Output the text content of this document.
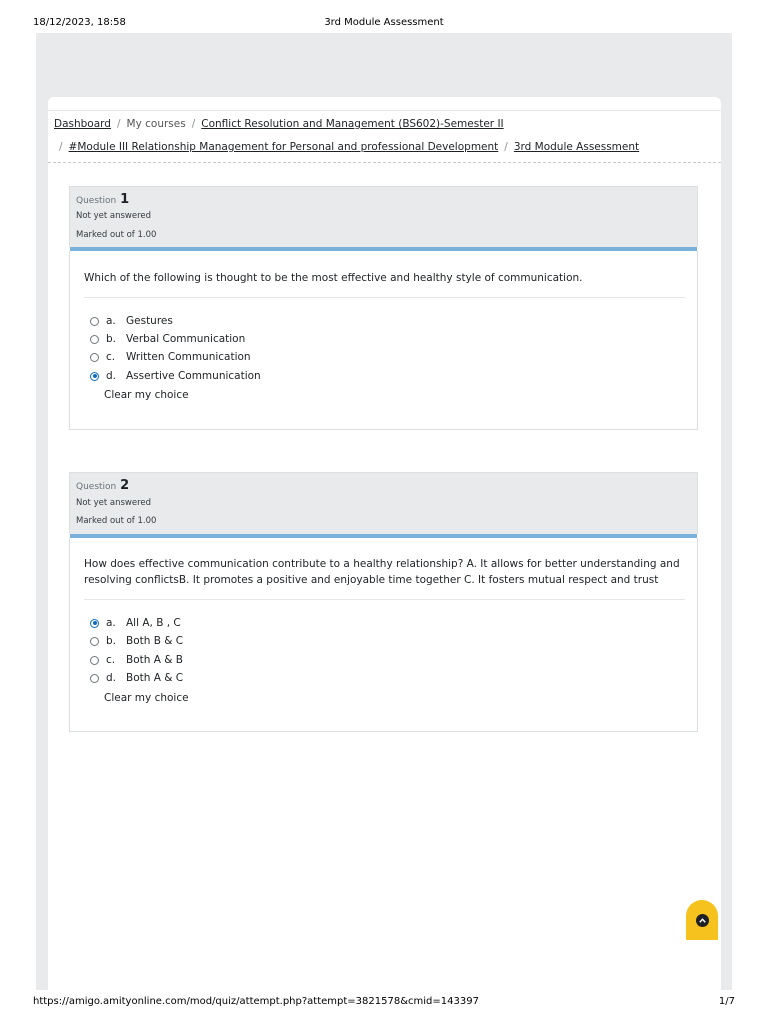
18/12/2023, 18:58	3rd Module Assessment
Dashboard / My courses / Conflict Resolution and Management (BS602)-Semester II
/ #Module III Relationship Management for Personal and professional Development / 3rd Module Assessment
Question 1
Not yet answered
Marked out of 1.00
Which of the following is thought to be the most effective and healthy style of communication.
a. Gestures
b. Verbal Communication
c.	Written Communication
d. Assertive Communication
Clear my choice
Question 2
Not yet answered
Marked out of 1.00
How does effective communication contribute to a healthy relationship? A. It allows for better understanding and
resolving conflictsB. It promotes a positive and enjoyable time together C. It fosters mutual respect and trust
a. All A, B , C
b. Both B & C
c.	Both A & B
d. Both A & C
Clear my choice
https://amigo.amityonline.com/mod/quiz/attempt.php?attempt=3821578&cmid=143397	1/7
